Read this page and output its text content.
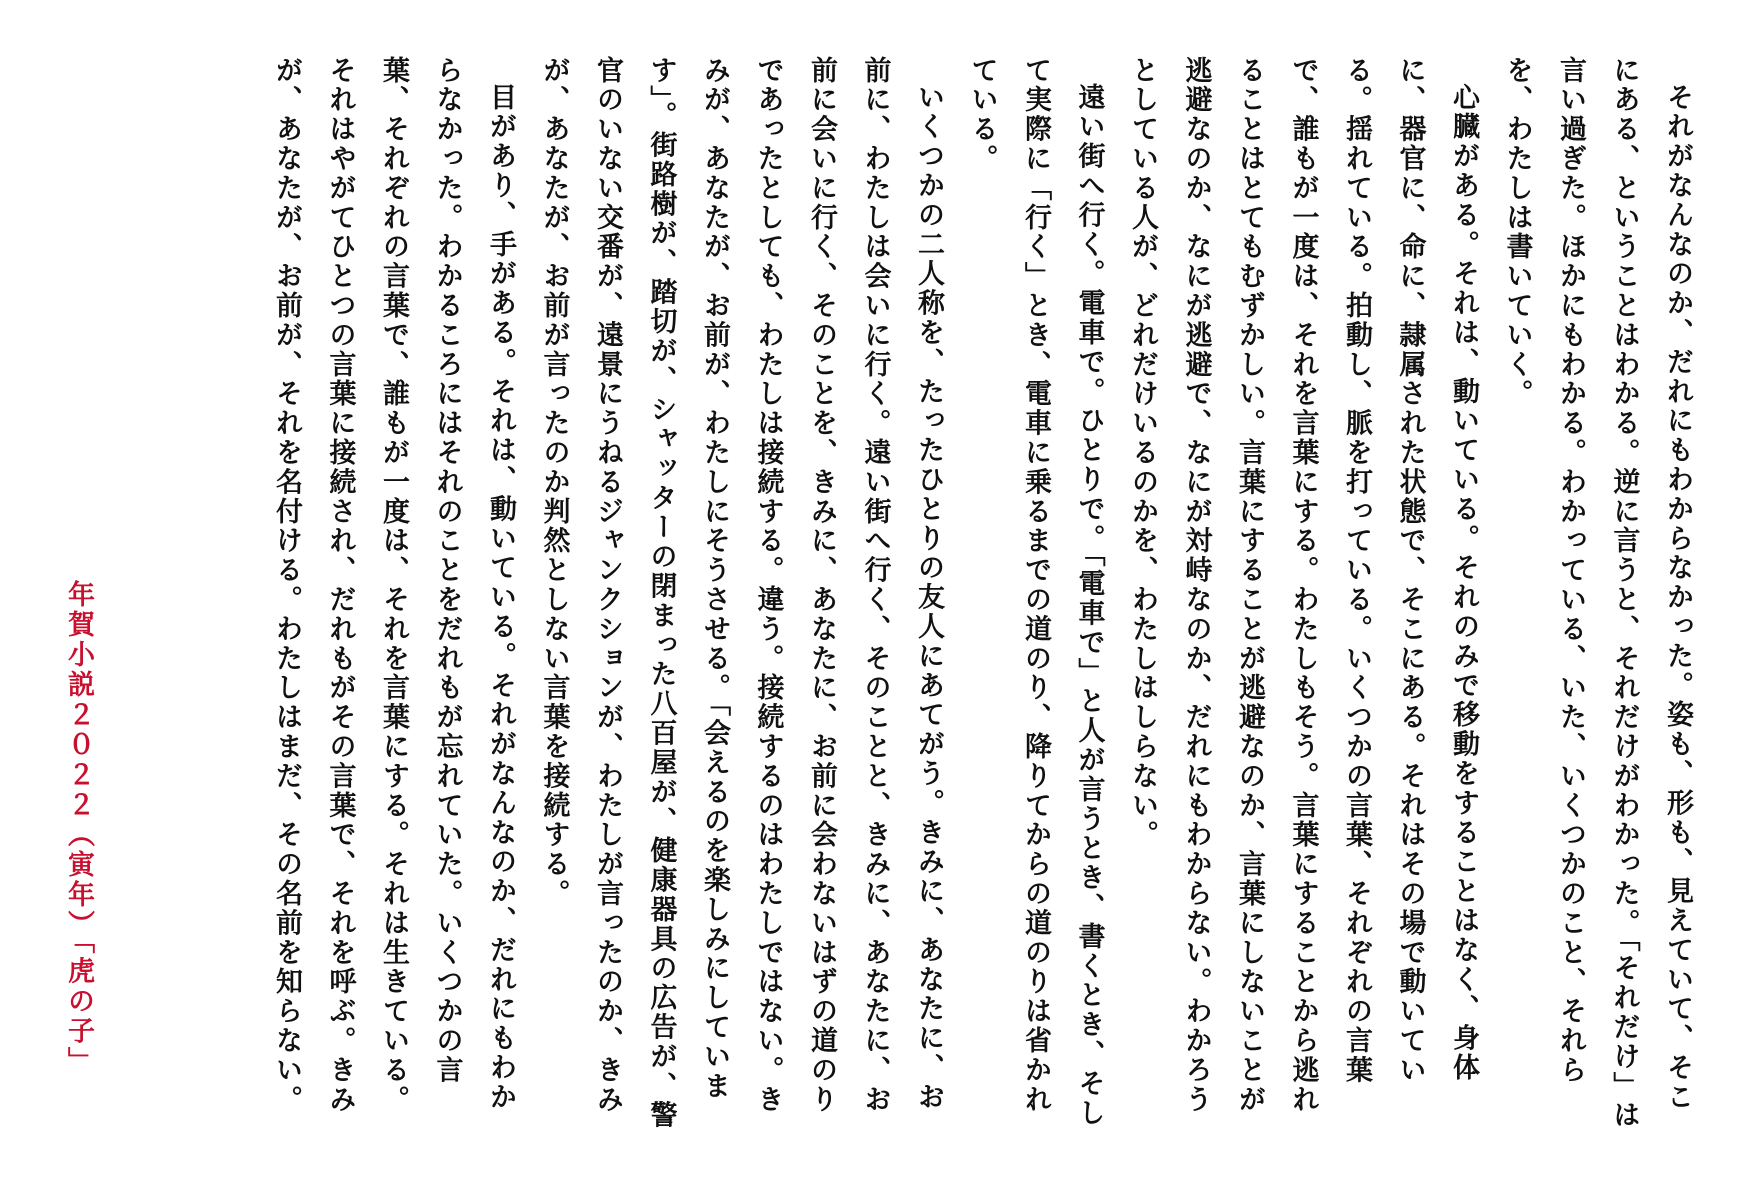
それがなんなのか、だれにもわからなかった。姿も、形も、見えていて、そこにある、ということはわかる。逆に言うと、それだけがわかった。「それだけ」は言い過ぎた。ほかにもわかる。わかっている、いた、いくつかのこと、それらを、わたしは書いていく。

心臓がある。それは、動いている。それのみで移動をすることはなく、身体に、器官に、命に、隷属された状態で、そこにある。それはその場で動いている。揺れている。拍動し、脈を打っている。いくつかの言葉、それぞれの言葉で、誰もが一度は、それを言葉にする。わたしもそう。言葉にすることから逃れることはとてもむずかしい。言葉にすることが逃避なのか、言葉にしないことが逃避なのか、なにが逃避で、なにが対峙なのか、だれにもわからない。わかろうとしている人が、どれだけいるのかを、わたしはしらない。

遠い街へ行く。電車で。ひとりで。「電車で」と人が言うとき、書くとき、そして実際に「行く」とき、電車に乗るまでの道のり、降りてからの道のりは省かれている。

いくつかの二人称を、たったひとりの友人にあてがう。きみに、あなたに、お前に、わたしは会いに行く。遠い街へ行く、そのことと、きみに、あなたに、お前に会いに行く、そのことを、きみに、あなたに、お前に会わないはずの道のりであったとしても、わたしは接続する。違う。接続するのはわたしではない。きみが、あなたが、お前が、わたしにそうさせる。「会えるのを楽しみにしています」。街路樹が、踏切が、シャッターの閉まった八百屋が、健康器具の広告が、警官のいない交番が、遠景にうねるジャンクションが、わたしが言ったのか、きみが、あなたが、お前が言ったのか判然としない言葉を接続する。

目があり、手がある。それは、動いている。それがなんなのか、だれにもわからなかった。わかるころにはそれのことをだれもが忘れていた。いくつかの言葉、それぞれの言葉で、誰もが一度は、それを言葉にする。それは生きている。それはやがてひとつの言葉に接続され、だれもがその言葉で、それを呼ぶ。きみが、あなたが、お前が、それを名付ける。わたしはまだ、その名前を知らない。

年賀小説２０２２（寅年）「虎の子」
